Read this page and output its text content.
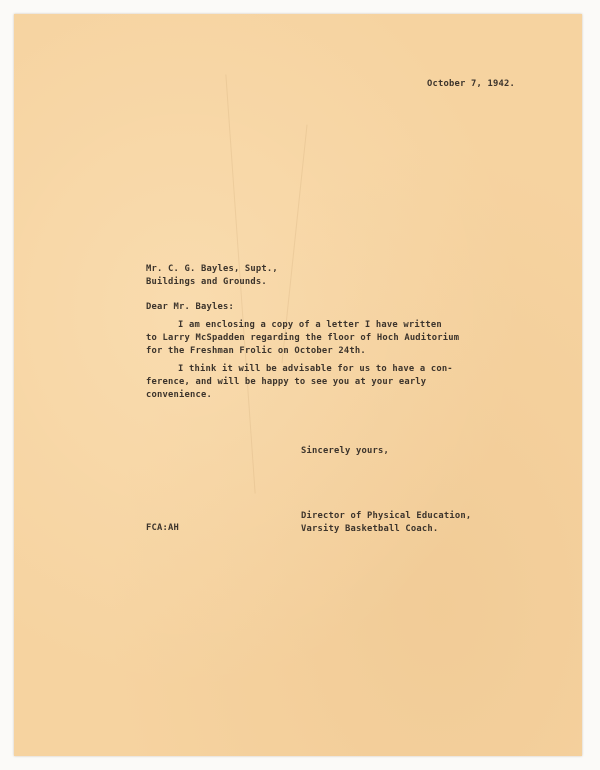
October 7, 1942.
Mr. C. G. Bayles, Supt.,
Buildings and Grounds.
Dear Mr. Bayles:
I am enclosing a copy of a letter I have written
to Larry McSpadden regarding the floor of Hoch Auditorium
for the Freshman Frolic on October 24th.
I think it will be advisable for us to have a con-
ference, and will be happy to see you at your early
convenience.
Sincerely yours,
Director of Physical Education,
Varsity Basketball Coach.
FCA:AH
